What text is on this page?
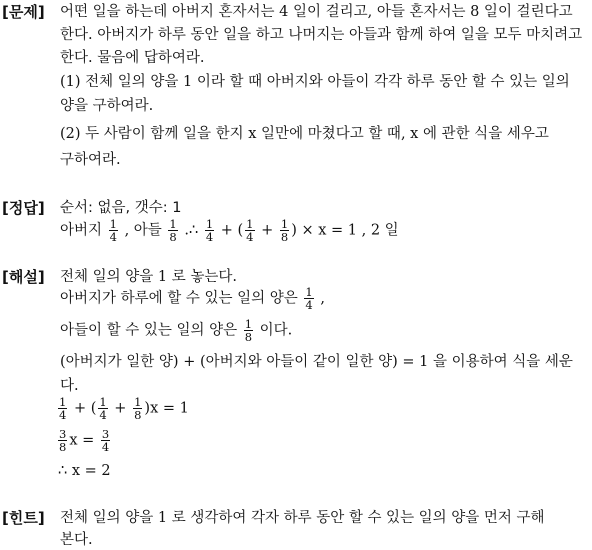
[문제] 어떤 일을 하는데 아버지 혼자서는 4 일이 걸리고, 아들 혼자서는 8 일이 걸린다고
한다. 아버지가 하루 동안 일을 하고 나머지는 아들과 함께 하여 일을 모두 마치려고
한다. 물음에 답하여라.
(1) 전체 일의 양을 1 이라 할 때 아버지와 아들이 각각 하루 동안 할 수 있는 일의
양을 구하여라.
(2) 두 사람이 함께 일을 한지 x 일만에 마쳤다고 할 때, x 에 관한 식을 세우고
구하여라.
[정답] 순서: 없음, 갯수: 1
아버지 $\frac{1}{4}$ , 아들 $\frac{1}{8}$ .∴ $\frac{1}{4}$ + ( $\frac{1}{4} + \frac{1}{8}$ ) × x = 1 , 2 일
[해설] 전체 일의 양을 1 로 놓는다.
아버지가 하루에 할 수 있는 일의 양은 $\frac{1}{4}$ ,
아들이 할 수 있는 일의 양은 $\frac{1}{8}$ 이다.
(아버지가 일한 양) + (아버지와 아들이 같이 일한 양) = 1 을 이용하여 식을 세운
다.
$\frac{1}{4}$ + ( $\frac{1}{4} + \frac{1}{8} )x = 1$
$\frac{3}{8}$ $x = \frac{3}{4}$
∴ x = 2
[힌트] 전체 일의 양을 1 로 생각하여 각자 하루 동안 할 수 있는 일의 양을 먼저 구해
본다.
